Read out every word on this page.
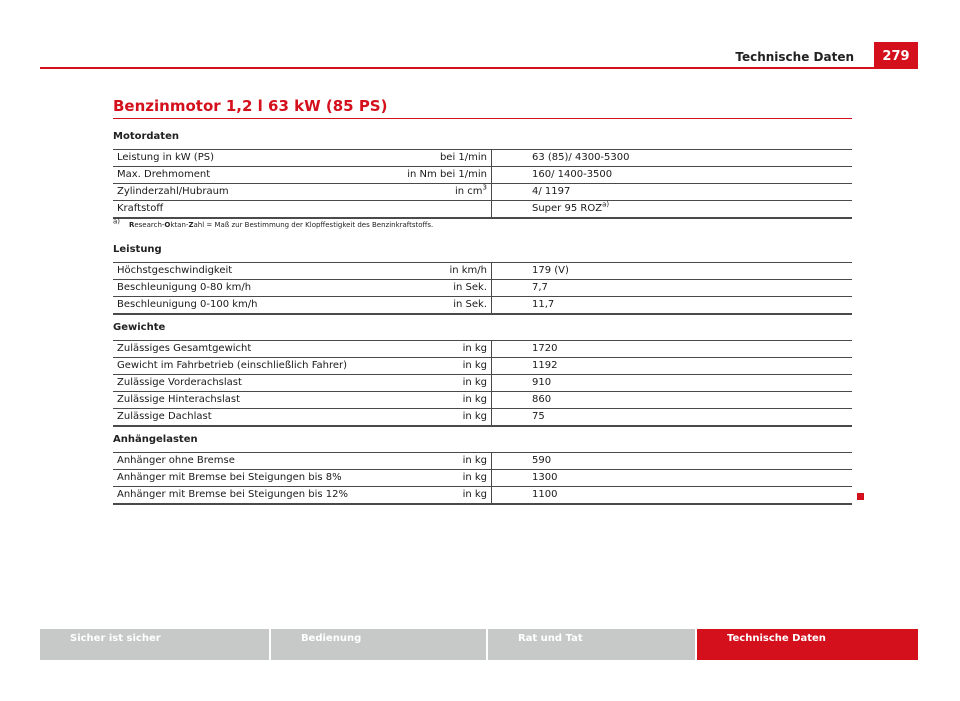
Technische Daten	279
Benzinmotor 1,2 l 63 kW (85 PS)
Motordaten
Leistung in kW (PS)	bei 1/min	63 (85)/ 4300-5300
Max. Drehmoment	in Nm bei 1/min	160/ 1400-3500
Zylinderzahl/Hubraum	in $cm^3$	4/ 1197
Kraftstoff		Super 95 ROZ$^{a)}$
$^{a)}$ Research-Oktan-Zahl = Maß zur Bestimmung der Klopffestigkeit des Benzinkraftstoffs.
Leistung
Höchstgeschwindigkeit	in km/h	179 (V)
Beschleunigung 0-80 km/h	in Sek.	7,7
Beschleunigung 0-100 km/h	in Sek.	11,7
Gewichte
Zulässiges Gesamtgewicht	in kg	1720
Gewicht im Fahrbetrieb (einschließlich Fahrer)	in kg	1192
Zulässige Vorderachslast	in kg	910
Zulässige Hinterachslast	in kg	860
Zulässige Dachlast	in kg	75
Anhängelasten
Anhänger ohne Bremse	in kg	590
Anhänger mit Bremse bei Steigungen bis 8%	in kg	1300
Anhänger mit Bremse bei Steigungen bis 12%	in kg	1100
Sicher ist sicher	Bedienung	Rat und Tat	Technische Daten
